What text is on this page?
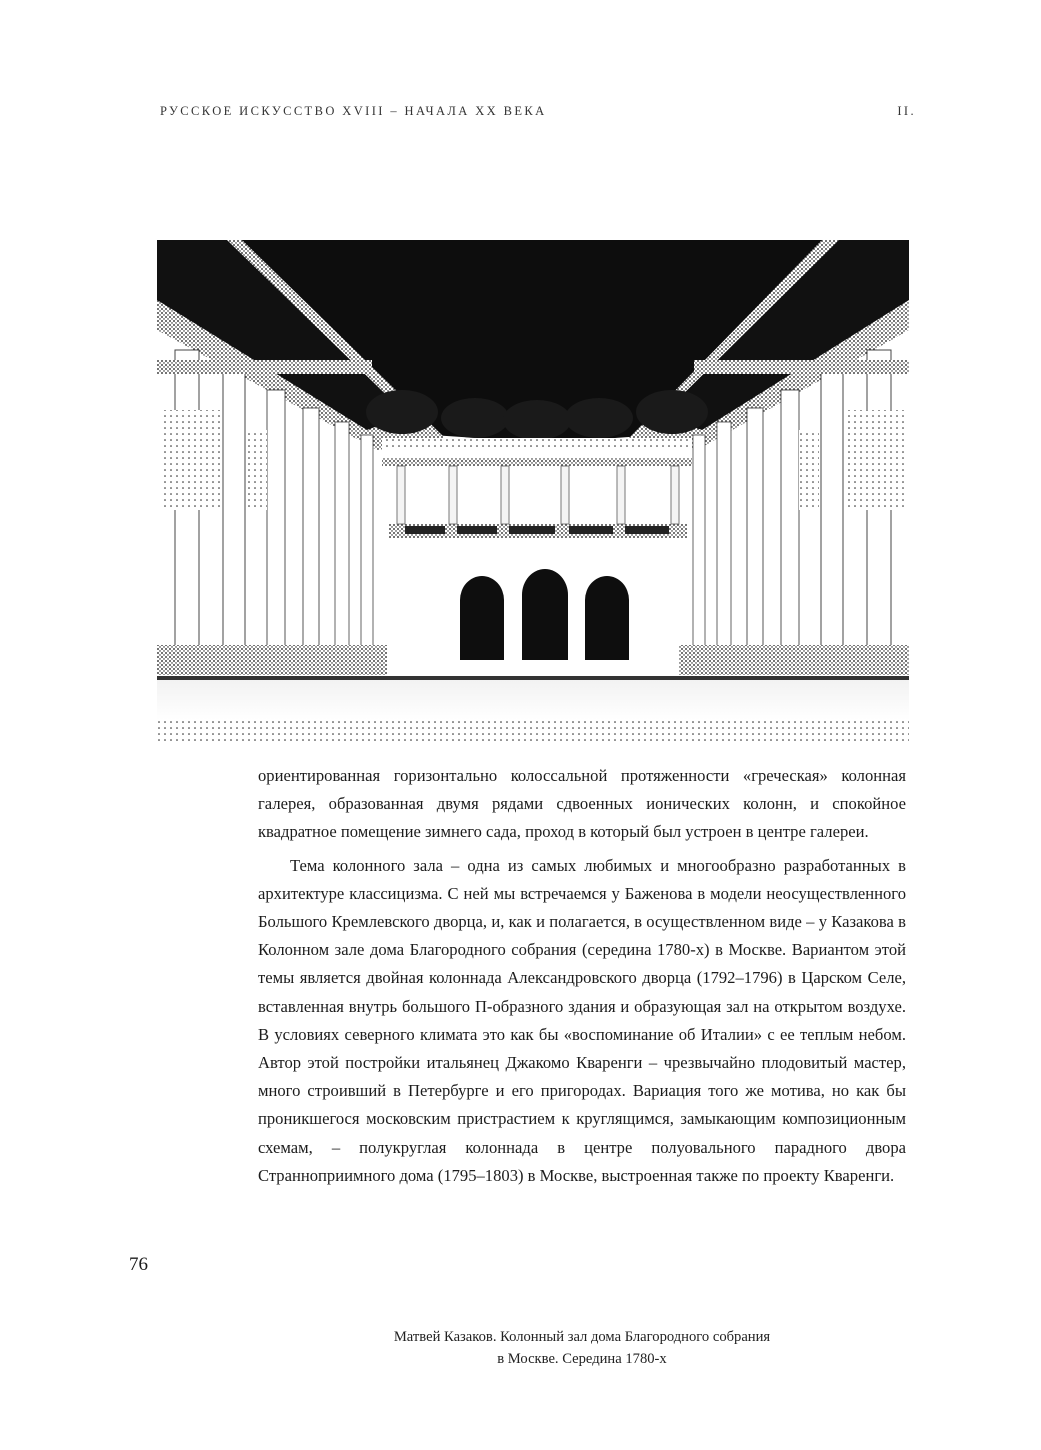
РУССКОЕ ИСКУССТВО XVIII – НАЧАЛА XX ВЕКА	II.

ориентированная горизонтально колоссальной протяженности «греческая» колонная галерея, образованная двумя рядами сдвоенных ионических колонн, и спокойное квадратное помещение зимнего сада, проход в который был устроен в центре галереи.

Тема колонного зала – одна из самых любимых и многообразно разработанных в архитектуре классицизма. С ней мы встречаемся у Баженова в модели неосуществленного Большого Кремлевского дворца, и, как и полагается, в осуществленном виде – у Казакова в Колонном зале дома Благородного собрания (середина 1780-х) в Москве. Вариантом этой темы является двойная колоннада Александровского дворца (1792–1796) в Царском Селе, вставленная внутрь большого П-образного здания и образующая зал на открытом воздухе. В условиях северного климата это как бы «воспоминание об Италии» с ее теплым небом. Автор этой постройки итальянец Джакомо Кваренги – чрезвычайно плодовитый мастер, много строивший в Петербурге и его пригородах. Вариация того же мотива, но как бы проникшегося московским пристрастием к круглящимся, замыкающим композиционным схемам, – полукруглая колоннада в центре полуовального парадного двора Странноприимного дома (1795–1803) в Москве, выстроенная также по проекту Кваренги.

76
Матвей Казаков. Колонный зал дома Благородного собрания
в Москве. Середина 1780-х
